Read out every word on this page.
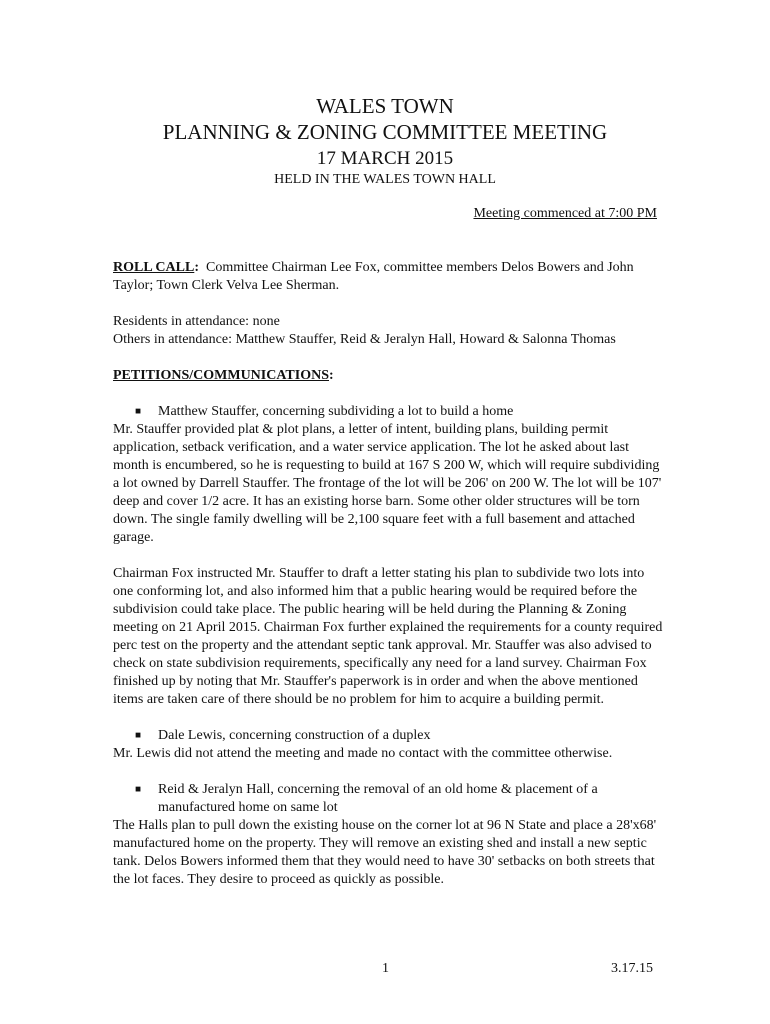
WALES TOWN
PLANNING & ZONING COMMITTEE MEETING
17 MARCH 2015
HELD IN THE WALES TOWN HALL
Meeting commenced at 7:00 PM

ROLL CALL: Committee Chairman Lee Fox, committee members Delos Bowers and John Taylor; Town Clerk Velva Lee Sherman.

Residents in attendance: none

Others in attendance: Matthew Stauffer, Reid & Jeralyn Hall, Howard & Salonna Thomas

PETITIONS/COMMUNICATIONS:

■	Matthew Stauffer, concerning subdividing a lot to build a home

Mr. Stauffer provided plat & plot plans, a letter of intent, building plans, building permit application, setback verification, and a water service application. The lot he asked about last month is encumbered, so he is requesting to build at 167 S 200 W, which will require subdividing a lot owned by Darrell Stauffer. The frontage of the lot will be 206' on 200 W. The lot will be 107' deep and cover 1/2 acre. It has an existing horse barn. Some other older structures will be torn down. The single family dwelling will be 2,100 square feet with a full basement and attached garage.

Chairman Fox instructed Mr. Stauffer to draft a letter stating his plan to subdivide two lots into one conforming lot, and also informed him that a public hearing would be required before the subdivision could take place. The public hearing will be held during the Planning & Zoning meeting on 21 April 2015. Chairman Fox further explained the requirements for a county required perc test on the property and the attendant septic tank approval. Mr. Stauffer was also advised to check on state subdivision requirements, specifically any need for a land survey. Chairman Fox finished up by noting that Mr. Stauffer's paperwork is in order and when the above mentioned items are taken care of there should be no problem for him to acquire a building permit.

■	Dale Lewis, concerning construction of a duplex

Mr. Lewis did not attend the meeting and made no contact with the committee otherwise.

■	Reid & Jeralyn Hall, concerning the removal of an old home & placement of a manufactured home on same lot

The Halls plan to pull down the existing house on the corner lot at 96 N State and place a 28'x68' manufactured home on the property. They will remove an existing shed and install a new septic tank. Delos Bowers informed them that they would need to have 30' setbacks on both streets that the lot faces. They desire to proceed as quickly as possible.

1	3.17.15
